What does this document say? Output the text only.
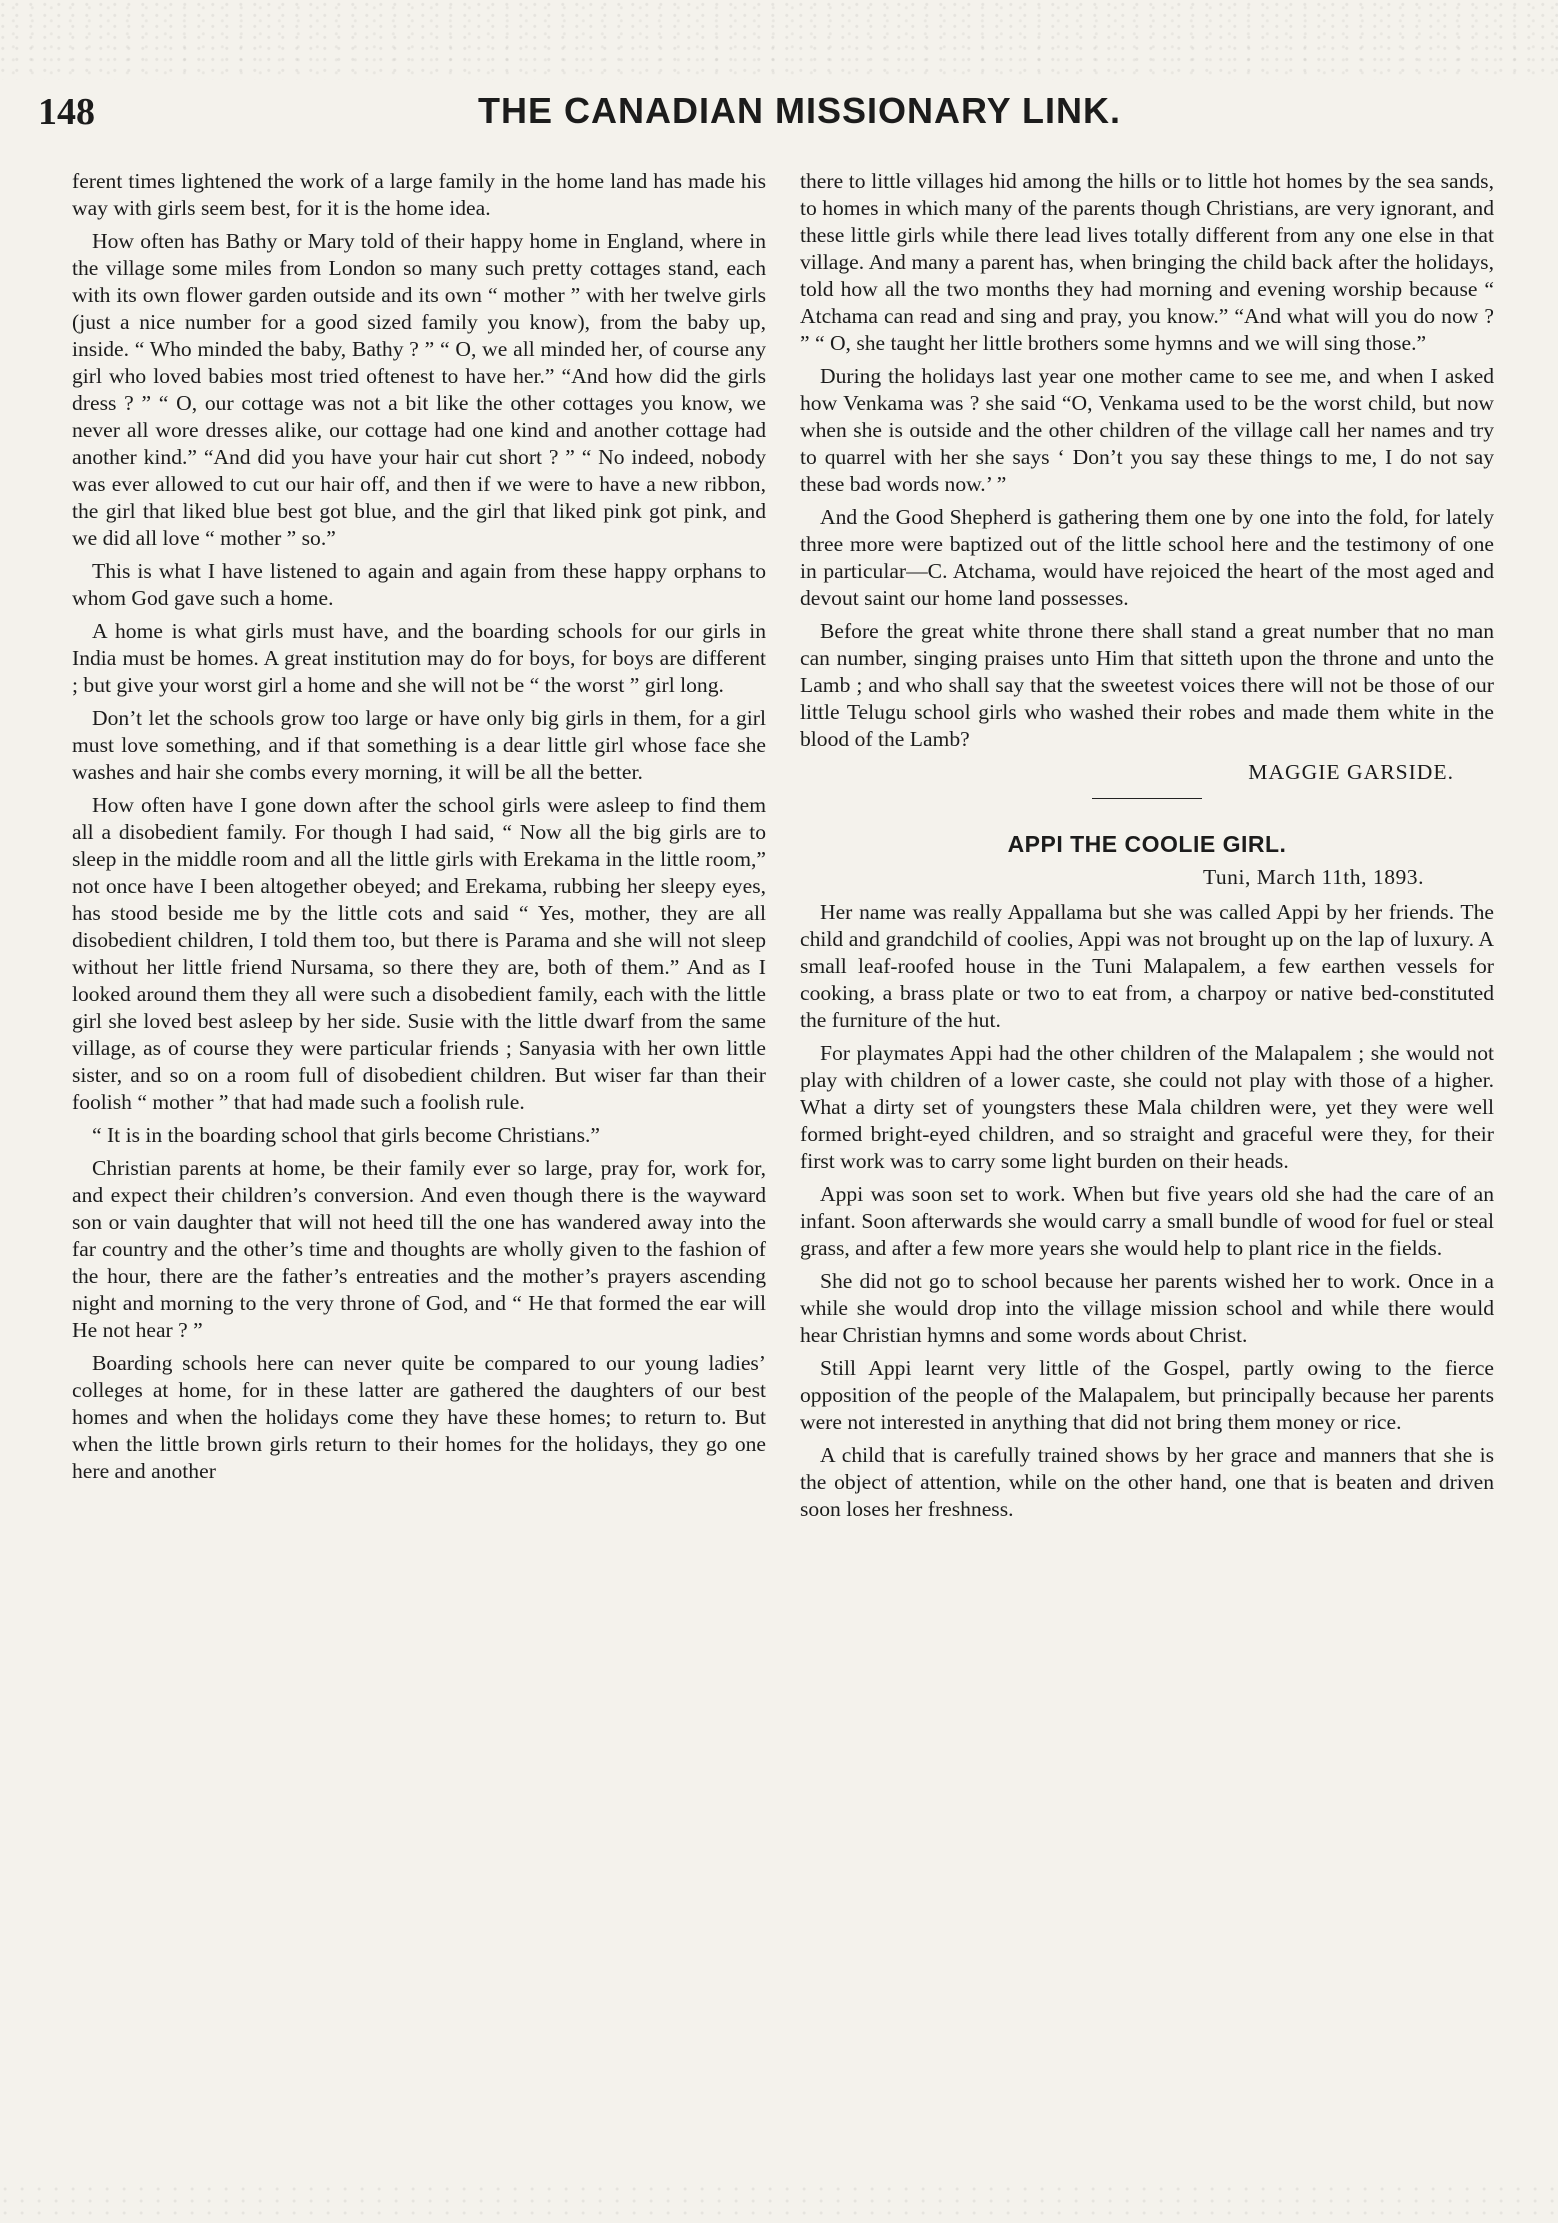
148	THE CANADIAN MISSIONARY LINK.

ferent times lightened the work of a large family in the home land has made his way with girls seem best, for it is the home idea.

How often has Bathy or Mary told of their happy home in England, where in the village some miles from London so many such pretty cottages stand, each with its own flower garden outside and its own “ mother ” with her twelve girls (just a nice number for a good sized family you know), from the baby up, inside. “ Who minded the baby, Bathy ? ” “ O, we all minded her, of course any girl who loved babies most tried oftenest to have her.” “And how did the girls dress ? ” “ O, our cottage was not a bit like the other cottages you know, we never all wore dresses alike, our cottage had one kind and another cottage had another kind.” “And did you have your hair cut short ? ” “ No indeed, nobody was ever allowed to cut our hair off, and then if we were to have a new ribbon, the girl that liked blue best got blue, and the girl that liked pink got pink, and we did all love “ mother ” so.”

This is what I have listened to again and again from these happy orphans to whom God gave such a home.

A home is what girls must have, and the boarding schools for our girls in India must be homes. A great institution may do for boys, for boys are different ; but give your worst girl a home and she will not be “ the worst ” girl long.

Don’t let the schools grow too large or have only big girls in them, for a girl must love something, and if that something is a dear little girl whose face she washes and hair she combs every morning, it will be all the better.

How often have I gone down after the school girls were asleep to find them all a disobedient family. For though I had said, “ Now all the big girls are to sleep in the middle room and all the little girls with Erekama in the little room,” not once have I been altogether obeyed; and Erekama, rubbing her sleepy eyes, has stood beside me by the little cots and said “ Yes, mother, they are all disobedient children, I told them too, but there is Parama and she will not sleep without her little friend Nursama, so there they are, both of them.” And as I looked around them they all were such a disobedient family, each with the little girl she loved best asleep by her side. Susie with the little dwarf from the same village, as of course they were particular friends ; Sanyasia with her own little sister, and so on a room full of disobedient children. But wiser far than their foolish “ mother ” that had made such a foolish rule.

“ It is in the boarding school that girls become Christians.”

Christian parents at home, be their family ever so large, pray for, work for, and expect their children’s conversion. And even though there is the wayward son or vain daughter that will not heed till the one has wandered away into the far country and the other’s time and thoughts are wholly given to the fashion of the hour, there are the father’s entreaties and the mother’s prayers ascending night and morning to the very throne of God, and “ He that formed the ear will He not hear ? ”

Boarding schools here can never quite be compared to our young ladies’ colleges at home, for in these latter are gathered the daughters of our best homes and when the holidays come they have these homes; to return to. But when the little brown girls return to their homes for the holidays, they go one here and another

there to little villages hid among the hills or to little hot homes by the sea sands, to homes in which many of the parents though Christians, are very ignorant, and these little girls while there lead lives totally different from any one else in that village. And many a parent has, when bringing the child back after the holidays, told how all the two months they had morning and evening worship because “ Atchama can read and sing and pray, you know.” “And what will you do now ? ” “ O, she taught her little brothers some hymns and we will sing those.”

During the holidays last year one mother came to see me, and when I asked how Venkama was ? she said “O, Venkama used to be the worst child, but now when she is outside and the other children of the village call her names and try to quarrel with her she says ‘ Don’t you say these things to me, I do not say these bad words now.’ ”

And the Good Shepherd is gathering them one by one into the fold, for lately three more were baptized out of the little school here and the testimony of one in particular—C. Atchama, would have rejoiced the heart of the most aged and devout saint our home land possesses.

Before the great white throne there shall stand a great number that no man can number, singing praises unto Him that sitteth upon the throne and unto the Lamb ; and who shall say that the sweetest voices there will not be those of our little Telugu school girls who washed their robes and made them white in the blood of the Lamb?

MAGGIE GARSIDE.
APPI THE COOLIE GIRL.
Tuni, March 11th, 1893.

Her name was really Appallama but she was called Appi by her friends. The child and grandchild of coolies, Appi was not brought up on the lap of luxury. A small leaf-roofed house in the Tuni Malapalem, a few earthen vessels for cooking, a brass plate or two to eat from, a charpoy or native bed-constituted the furniture of the hut.

For playmates Appi had the other children of the Malapalem ; she would not play with children of a lower caste, she could not play with those of a higher. What a dirty set of youngsters these Mala children were, yet they were well formed bright-eyed children, and so straight and graceful were they, for their first work was to carry some light burden on their heads.

Appi was soon set to work. When but five years old she had the care of an infant. Soon afterwards she would carry a small bundle of wood for fuel or steal grass, and after a few more years she would help to plant rice in the fields.

She did not go to school because her parents wished her to work. Once in a while she would drop into the village mission school and while there would hear Christian hymns and some words about Christ.

Still Appi learnt very little of the Gospel, partly owing to the fierce opposition of the people of the Malapalem, but principally because her parents were not interested in anything that did not bring them money or rice.

A child that is carefully trained shows by her grace and manners that she is the object of attention, while on the other hand, one that is beaten and driven soon loses her freshness.
